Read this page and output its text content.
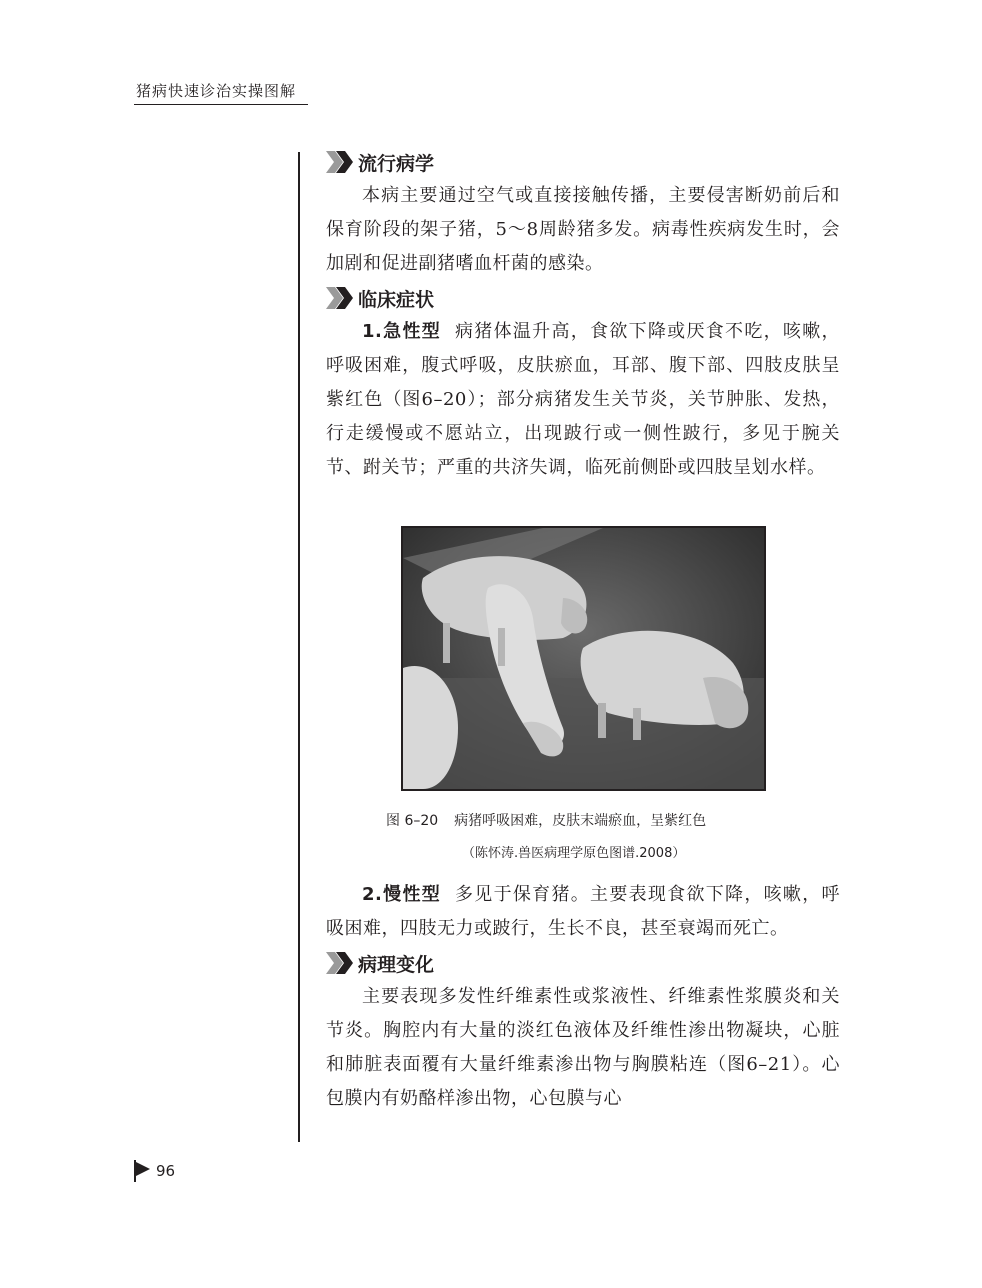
猪病快速诊治实操图解
流行病学

本病主要通过空气或直接接触传播，主要侵害断奶前后和保育阶段的架子猪，5～8周龄猪多发。病毒性疾病发生时，会加剧和促进副猪嗜血杆菌的感染。

临床症状

1.急性型 病猪体温升高，食欲下降或厌食不吃，咳嗽，呼吸困难，腹式呼吸，皮肤瘀血，耳部、腹下部、四肢皮肤呈紫红色（图6–20）；部分病猪发生关节炎，关节肿胀、发热，行走缓慢或不愿站立，出现跛行或一侧性跛行，多见于腕关节、跗关节；严重的共济失调，临死前侧卧或四肢呈划水样。

图 6–20 病猪呼吸困难，皮肤末端瘀血，呈紫红色
（陈怀涛.兽医病理学原色图谱.2008）

2.慢性型 多见于保育猪。主要表现食欲下降，咳嗽，呼吸困难，四肢无力或跛行，生长不良，甚至衰竭而死亡。

病理变化

主要表现多发性纤维素性或浆液性、纤维素性浆膜炎和关节炎。胸腔内有大量的淡红色液体及纤维性渗出物凝块，心脏和肺脏表面覆有大量纤维素渗出物与胸膜粘连（图6–21）。心包膜内有奶酪样渗出物，心包膜与心

96
